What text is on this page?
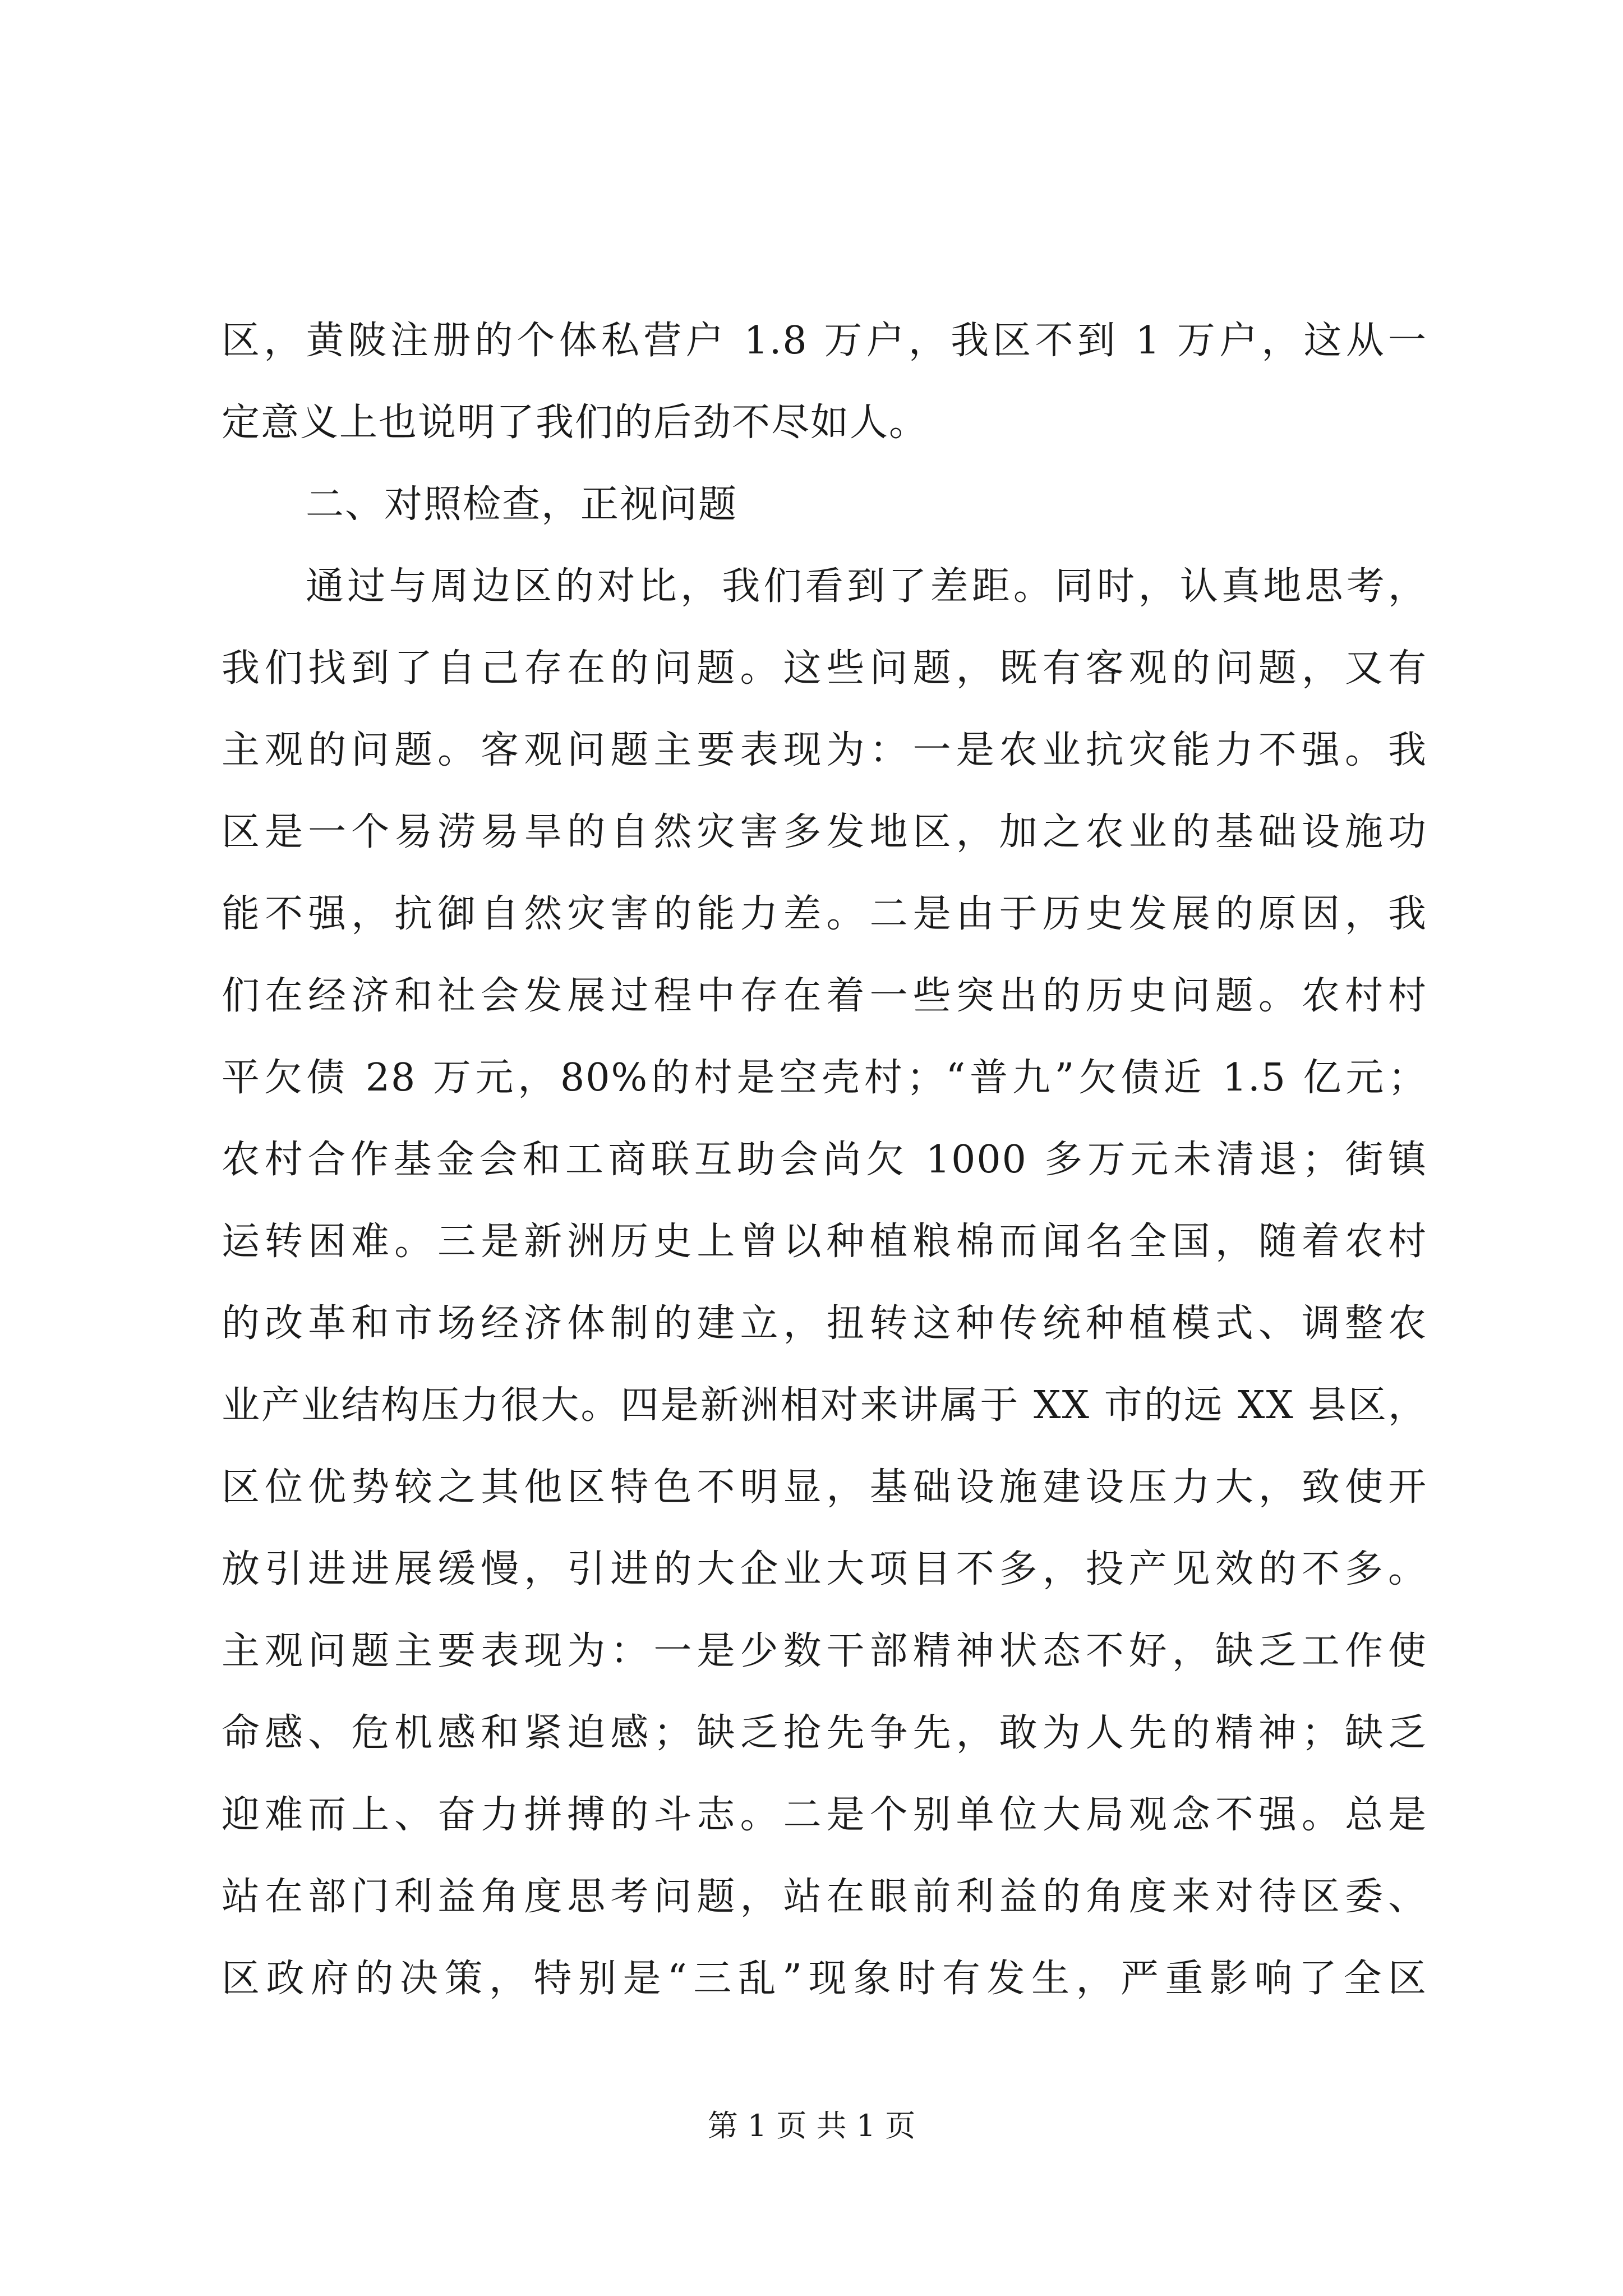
区，黄陂注册的个体私营户 1.8 万户，我区不到 1 万户，这从一
定意义上也说明了我们的后劲不尽如人。
二、对照检查，正视问题
通过与周边区的对比，我们看到了差距。同时，认真地思考，
我们找到了自己存在的问题。这些问题，既有客观的问题，又有
主观的问题。客观问题主要表现为：一是农业抗灾能力不强。我
区是一个易涝易旱的自然灾害多发地区，加之农业的基础设施功
能不强，抗御自然灾害的能力差。二是由于历史发展的原因，我
们在经济和社会发展过程中存在着一些突出的历史问题。农村村
平欠债 28 万元，80%的村是空壳村；“普九”欠债近 1.5 亿元；
农村合作基金会和工商联互助会尚欠 1000 多万元未清退；街镇
运转困难。三是新洲历史上曾以种植粮棉而闻名全国，随着农村
的改革和市场经济体制的建立，扭转这种传统种植模式、调整农
业产业结构压力很大。四是新洲相对来讲属于 XX 市的远 XX 县区，
区位优势较之其他区特色不明显，基础设施建设压力大，致使开
放引进进展缓慢，引进的大企业大项目不多，投产见效的不多。
主观问题主要表现为：一是少数干部精神状态不好，缺乏工作使
命感、危机感和紧迫感；缺乏抢先争先，敢为人先的精神；缺乏
迎难而上、奋力拼搏的斗志。二是个别单位大局观念不强。总是
站在部门利益角度思考问题，站在眼前利益的角度来对待区委、
区政府的决策，特别是“三乱”现象时有发生，严重影响了全区
第 1 页 共 1 页
